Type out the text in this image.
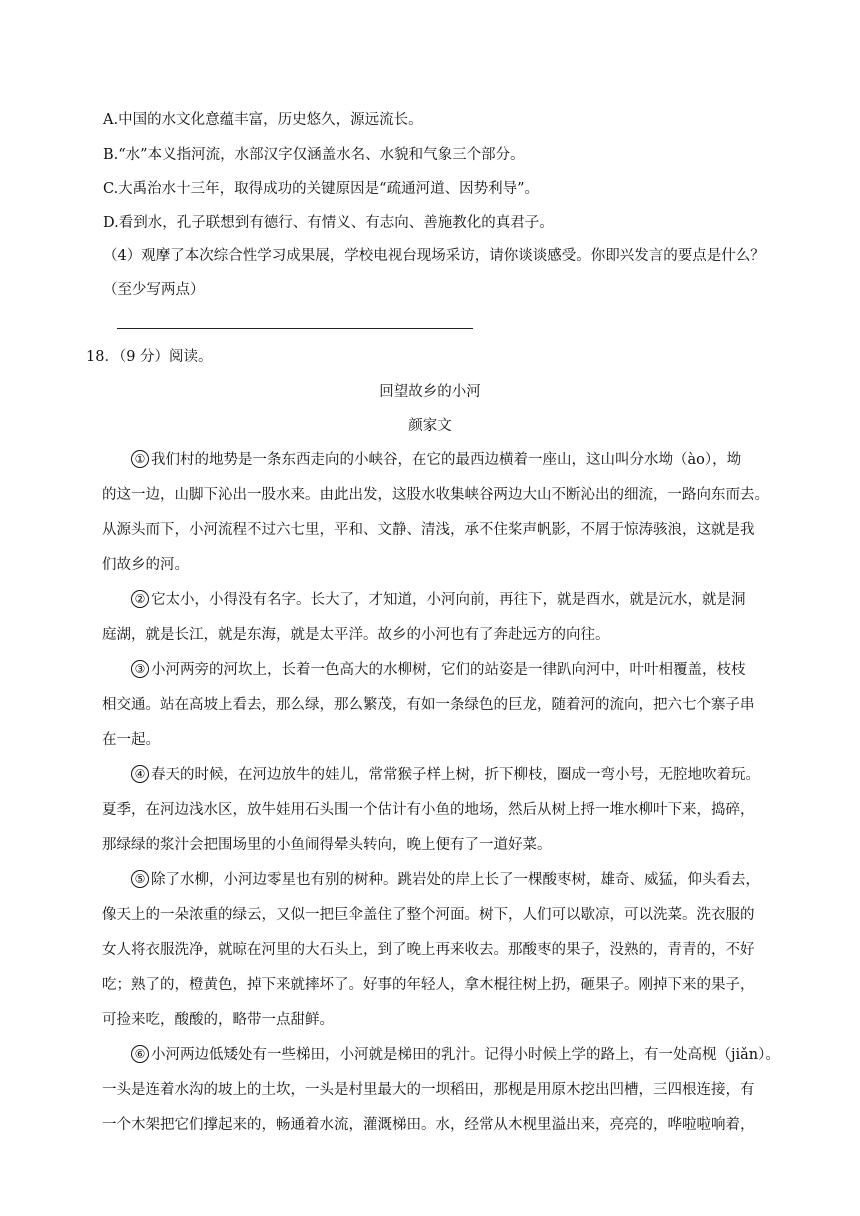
A.中国的水文化意蕴丰富，历史悠久，源远流长。
B.“水”本义指河流，水部汉字仅涵盖水名、水貌和气象三个部分。
C.大禹治水十三年，取得成功的关键原因是“疏通河道、因势利导”。
D.看到水，孔子联想到有德行、有情义、有志向、善施教化的真君子。
（4）观摩了本次综合性学习成果展，学校电视台现场采访，请你谈谈感受。你即兴发言的要点是什么？
（至少写两点）
18．（9 分）阅读。
回望故乡的小河
颜家文
① 我们村的地势是一条东西走向的小峡谷，在它的最西边横着一座山，这山叫分水坳（ào），坳
的这一边，山脚下沁出一股水来。由此出发，这股水收集峡谷两边大山不断沁出的细流，一路向东而去。
从源头而下，小河流程不过六七里，平和、文静、清浅，承不住桨声帆影，不屑于惊涛骇浪，这就是我
们故乡的河。
② 它太小，小得没有名字。长大了，才知道，小河向前，再往下，就是酉水，就是沅水，就是洞
庭湖，就是长江，就是东海，就是太平洋。故乡的小河也有了奔赴远方的向往。
③ 小河两旁的河坎上，长着一色高大的水柳树，它们的站姿是一律趴向河中，叶叶相覆盖，枝枝
相交通。站在高坡上看去，那么绿，那么繁茂，有如一条绿色的巨龙，随着河的流向，把六七个寨子串
在一起。
④ 春天的时候，在河边放牛的娃儿，常常猴子样上树，折下柳枝，圈成一弯小号，无腔地吹着玩。
夏季，在河边浅水区，放牛娃用石头围一个估计有小鱼的地场，然后从树上捋一堆水柳叶下来，捣碎，
那绿绿的浆汁会把围场里的小鱼闹得晕头转向，晚上便有了一道好菜。
⑤ 除了水柳，小河边零星也有别的树种。跳岩处的岸上长了一棵酸枣树，雄奇、威猛，仰头看去，
像天上的一朵浓重的绿云，又似一把巨伞盖住了整个河面。树下，人们可以歇凉，可以洗菜。洗衣服的
女人将衣服洗净，就晾在河里的大石头上，到了晚上再来收去。那酸枣的果子，没熟的，青青的，不好
吃；熟了的，橙黄色，掉下来就摔坏了。好事的年轻人，拿木棍往树上扔，砸果子。刚掉下来的果子，
可捡来吃，酸酸的，略带一点甜鲜。
⑥ 小河两边低矮处有一些梯田，小河就是梯田的乳汁。记得小时候上学的路上，有一处高枧（jiǎn）。
一头是连着水沟的坡上的土坎，一头是村里最大的一坝稻田，那枧是用原木挖出凹槽，三四根连接，有
一个木架把它们撑起来的，畅通着水流，灌溉梯田。水，经常从木枧里溢出来，亮亮的，哗啦啦响着，
